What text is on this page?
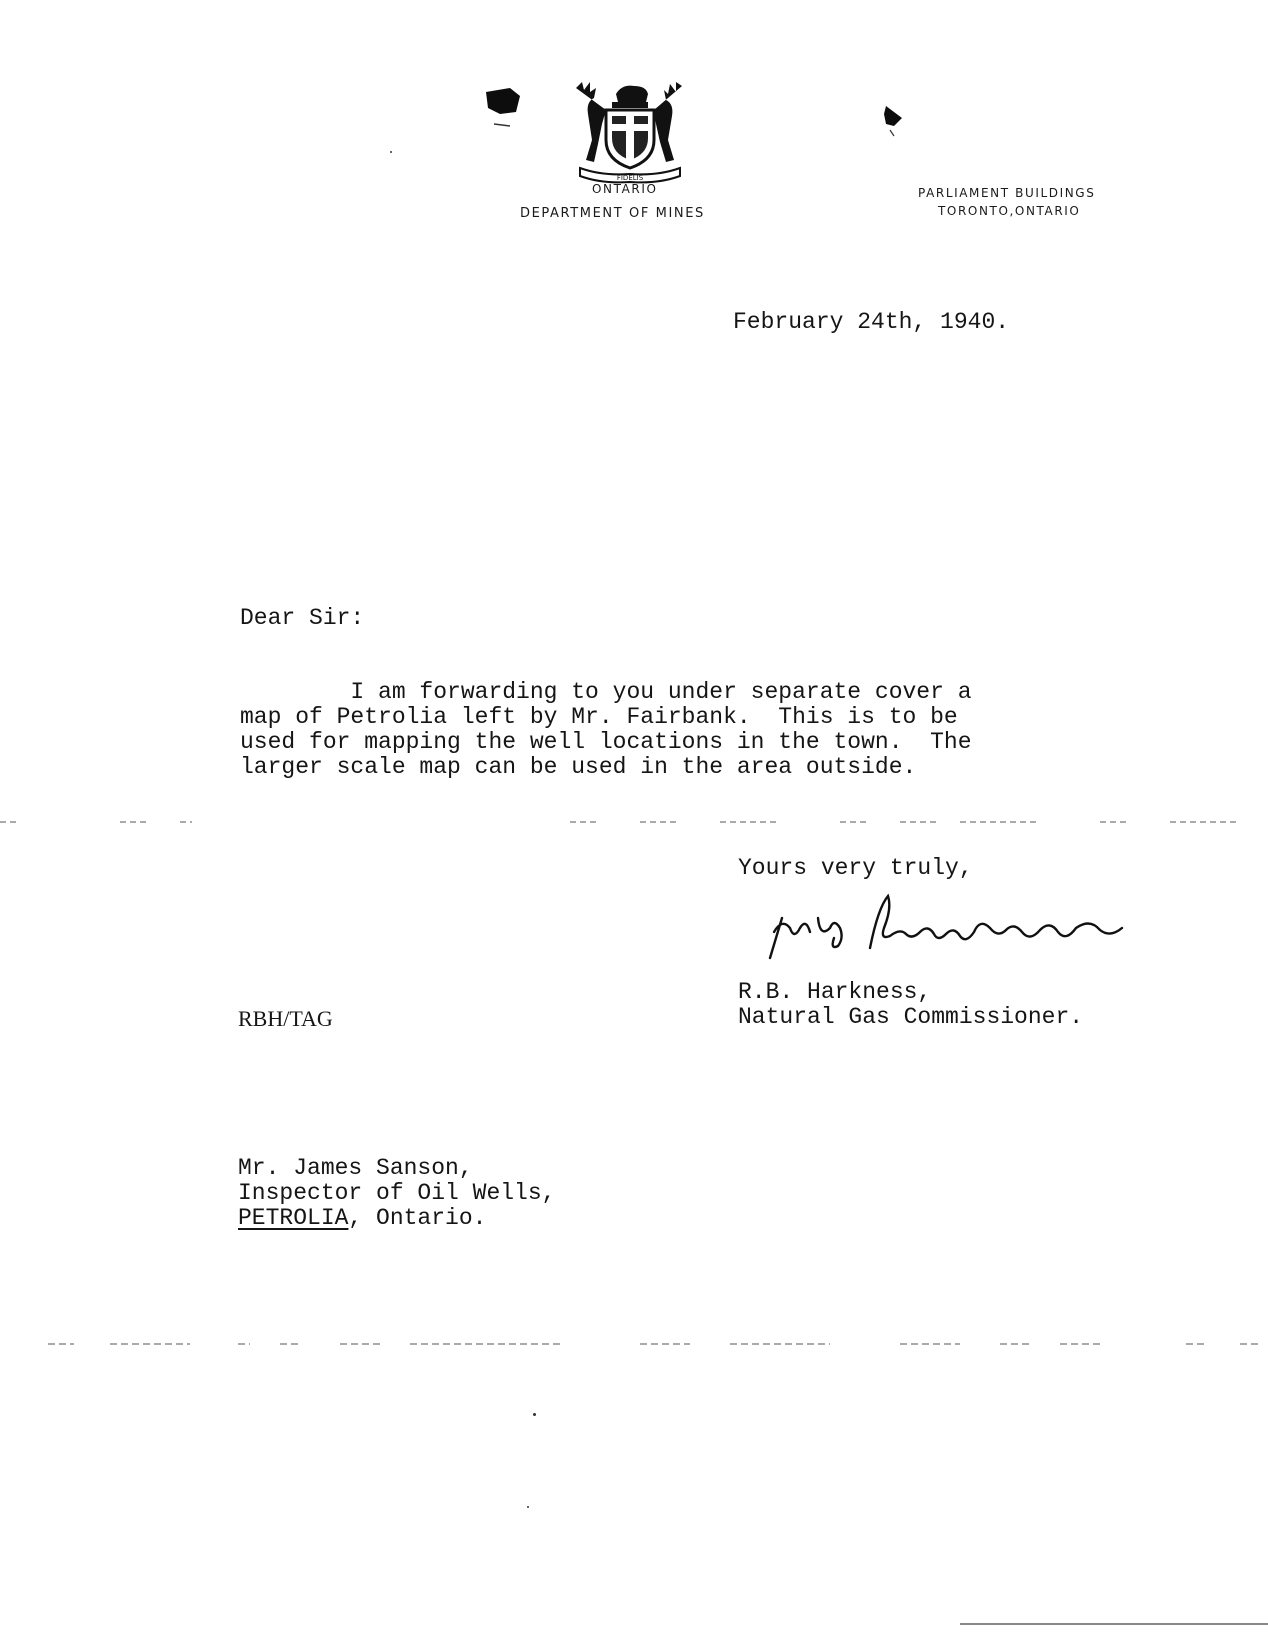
FIDELIS

ONTARIO

DEPARTMENT OF MINES

PARLIAMENT BUILDINGS

TORONTO,ONTARIO

February 24th, 1940.

Dear Sir:

I am forwarding to you under separate cover a

map of Petrolia left by Mr. Fairbank.  This is to be

used for mapping the well locations in the town.  The

larger scale map can be used in the area outside.

Yours very truly,

R.B. Harkness,

Natural Gas Commissioner.

RBH/TAG

Mr. James Sanson,

Inspector of Oil Wells,

PETROLIA, Ontario.
